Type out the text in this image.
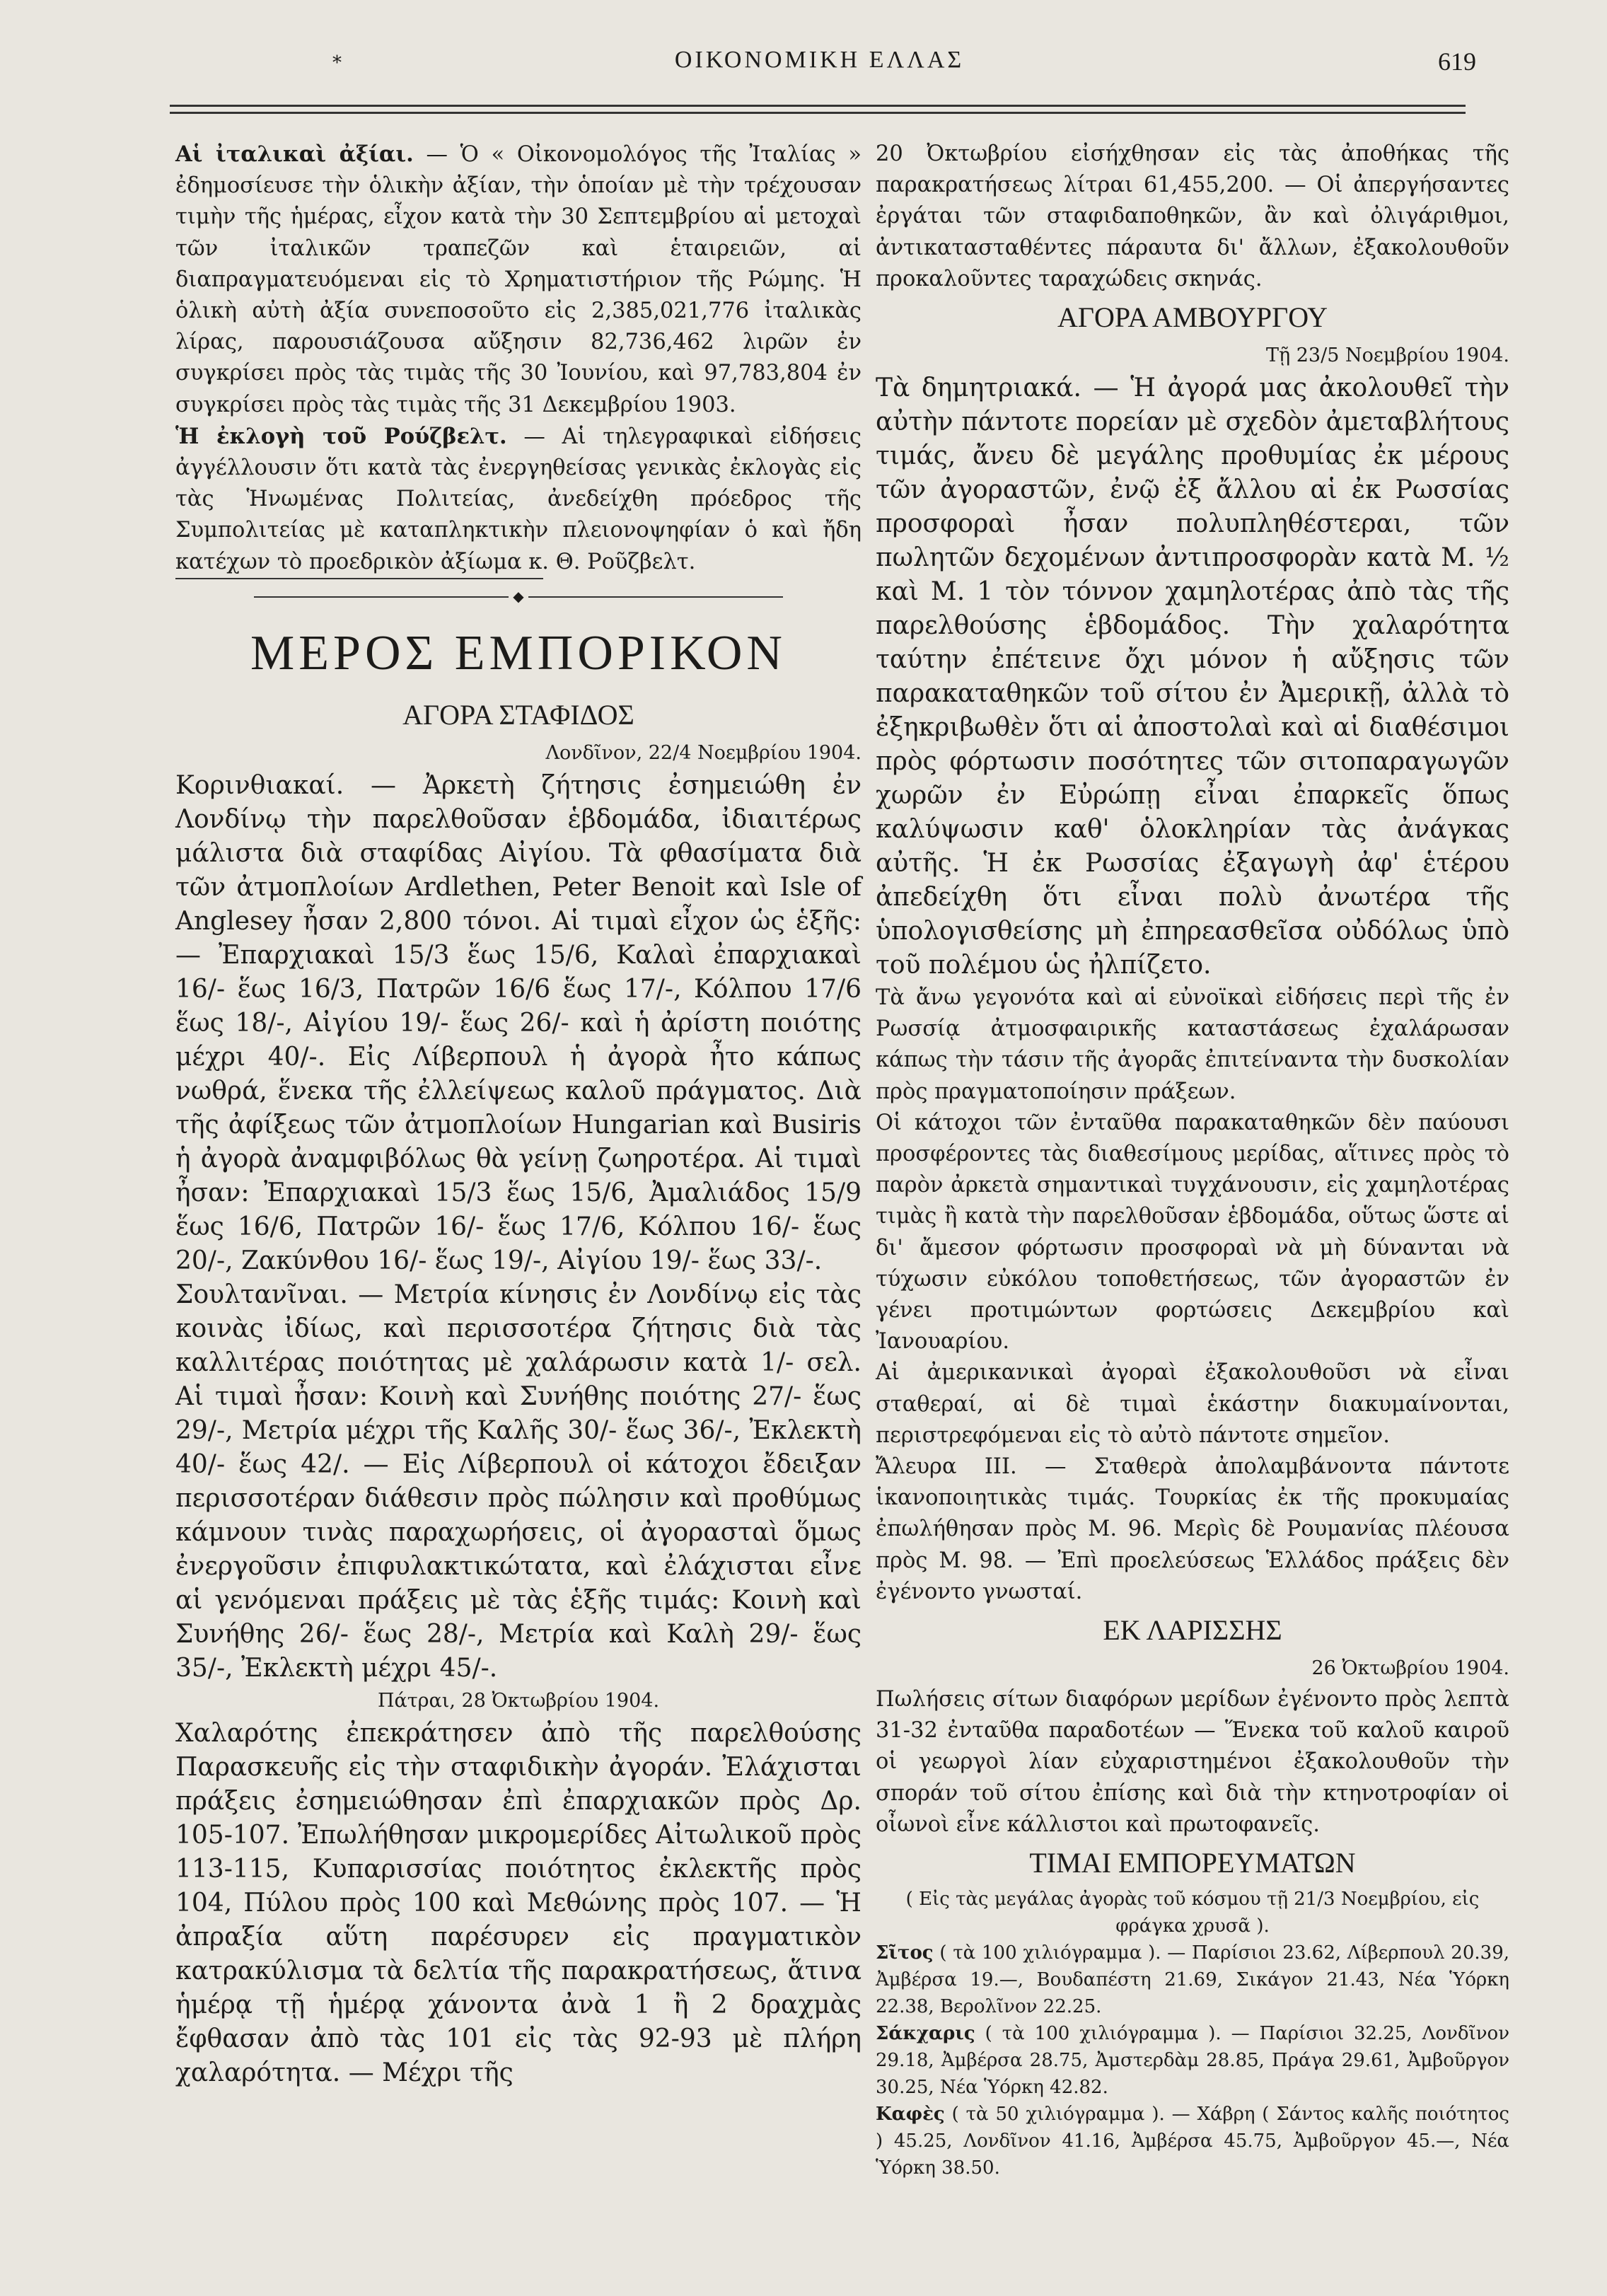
*	ΟΙΚΟΝΟΜΙΚΗ ΕΛΛΑΣ	619

Αἱ ἰταλικαὶ ἀξίαι. — Ὁ « Οἰκονομολόγος τῆς Ἰταλίας » ἐδημοσίευσε τὴν ὁλικὴν ἀξίαν, τὴν ὁποίαν μὲ τὴν τρέχουσαν τιμὴν τῆς ἡμέρας, εἶχον κατὰ τὴν 30 Σεπτεμβρίου αἱ μετοχαὶ τῶν ἰταλικῶν τραπεζῶν καὶ ἑταιρειῶν, αἱ διαπραγματευόμεναι εἰς τὸ Χρηματιστήριον τῆς Ρώμης. Ἡ ὁλικὴ αὐτὴ ἀξία συνεποσοῦτο εἰς 2,385,021,776 ἰταλικὰς λίρας, παρουσιάζουσα αὔξησιν 82,736,462 λιρῶν ἐν συγκρίσει πρὸς τὰς τιμὰς τῆς 30 Ἰουνίου, καὶ 97,783,804 ἐν συγκρίσει πρὸς τὰς τιμὰς τῆς 31 Δεκεμβρίου 1903.

Ἡ ἐκλογὴ τοῦ Ρούζβελτ. — Αἱ τηλεγραφικαὶ εἰδήσεις ἀγγέλλουσιν ὅτι κατὰ τὰς ἐνεργηθείσας γενικὰς ἐκλογὰς εἰς τὰς Ἡνωμένας Πολιτείας, ἀνεδείχθη πρόεδρος τῆς Συμπολιτείας μὲ καταπληκτικὴν πλειονοψηφίαν ὁ καὶ ἤδη κατέχων τὸ προεδρικὸν ἀξίωμα κ. Θ. Ροῦζβελτ.

◆
ΜΕΡΟΣ ΕΜΠΟΡΙΚΟΝ
ΑΓΟΡΑ ΣΤΑΦΙΔΟΣ
Λονδῖνον, 22/4 Νοεμβρίου 1904.

Κορινθιακαί. — Ἀρκετὴ ζήτησις ἐσημειώθη ἐν Λονδίνῳ τὴν παρελθοῦσαν ἑβδομάδα, ἰδιαιτέρως μάλιστα διὰ σταφίδας Αἰγίου. Τὰ φθασίματα διὰ τῶν ἀτμοπλοίων Ardlethen, Peter Benoit καὶ Isle of Anglesey ἦσαν 2,800 τόνοι. Αἱ τιμαὶ εἶχον ὡς ἑξῆς: — Ἐπαρχιακαὶ 15/3 ἕως 15/6, Καλαὶ ἐπαρχιακαὶ 16/- ἕως 16/3, Πατρῶν 16/6 ἕως 17/-, Κόλπου 17/6 ἕως 18/-, Αἰγίου 19/- ἕως 26/- καὶ ἡ ἀρίστη ποιότης μέχρι 40/-. Εἰς Λίβερπουλ ἡ ἀγορὰ ἦτο κάπως νωθρά, ἕνεκα τῆς ἐλλείψεως καλοῦ πράγματος. Διὰ τῆς ἀφίξεως τῶν ἀτμοπλοίων Hungarian καὶ Busiris ἡ ἀγορὰ ἀναμφιβόλως θὰ γείνῃ ζωηροτέρα. Αἱ τιμαὶ ἦσαν: Ἐπαρχιακαὶ 15/3 ἕως 15/6, Ἀμαλιάδος 15/9 ἕως 16/6, Πατρῶν 16/- ἕως 17/6, Κόλπου 16/- ἕως 20/-, Ζακύνθου 16/- ἕως 19/-, Αἰγίου 19/- ἕως 33/-.

Σουλτανῖναι. — Μετρία κίνησις ἐν Λονδίνῳ εἰς τὰς κοινὰς ἰδίως, καὶ περισσοτέρα ζήτησις διὰ τὰς καλλιτέρας ποιότητας μὲ χαλάρωσιν κατὰ 1/- σελ. Αἱ τιμαὶ ἦσαν: Κοινὴ καὶ Συνήθης ποιότης 27/- ἕως 29/-, Μετρία μέχρι τῆς Καλῆς 30/- ἕως 36/-, Ἐκλεκτὴ 40/- ἕως 42/. — Εἰς Λίβερπουλ οἱ κάτοχοι ἔδειξαν περισσοτέραν διάθεσιν πρὸς πώλησιν καὶ προθύμως κάμνουν τινὰς παραχωρήσεις, οἱ ἀγορασταὶ ὅμως ἐνεργοῦσιν ἐπιφυλακτικώτατα, καὶ ἐλάχισται εἶνε αἱ γενόμεναι πράξεις μὲ τὰς ἑξῆς τιμάς: Κοινὴ καὶ Συνήθης 26/- ἕως 28/-, Μετρία καὶ Καλὴ 29/- ἕως 35/-, Ἐκλεκτὴ μέχρι 45/-.

Πάτραι, 28 Ὀκτωβρίου 1904.

Χαλαρότης ἐπεκράτησεν ἀπὸ τῆς παρελθούσης Παρασκευῆς εἰς τὴν σταφιδικὴν ἀγοράν. Ἐλάχισται πράξεις ἐσημειώθησαν ἐπὶ ἐπαρχιακῶν πρὸς Δρ. 105-107. Ἐπωλήθησαν μικρομερίδες Αἰτωλικοῦ πρὸς 113-115, Κυπαρισσίας ποιότητος ἐκλεκτῆς πρὸς 104, Πύλου πρὸς 100 καὶ Μεθώνης πρὸς 107. — Ἡ ἀπραξία αὕτη παρέσυρεν εἰς πραγματικὸν κατρακύλισμα τὰ δελτία τῆς παρακρατήσεως, ἅτινα ἡμέρᾳ τῇ ἡμέρᾳ χάνοντα ἀνὰ 1 ἢ 2 δραχμὰς ἔφθασαν ἀπὸ τὰς 101 εἰς τὰς 92-93 μὲ πλήρη χαλαρότητα. — Μέχρι τῆς

20 Ὀκτωβρίου εἰσήχθησαν εἰς τὰς ἀποθήκας τῆς παρακρατήσεως λίτραι 61,455,200. — Οἱ ἀπεργήσαντες ἐργάται τῶν σταφιδαποθηκῶν, ἂν καὶ ὀλιγάριθμοι, ἀντικατασταθέντες πάραυτα δι' ἄλλων, ἐξακολουθοῦν προκαλοῦντες ταραχώδεις σκηνάς.

ΑΓΟΡΑ ΑΜΒΟΥΡΓΟΥ
Τῇ 23/5 Νοεμβρίου 1904.

Τὰ δημητριακά. — Ἡ ἀγορά μας ἀκολουθεῖ τὴν αὐτὴν πάντοτε πορείαν μὲ σχεδὸν ἀμεταβλήτους τιμάς, ἄνευ δὲ μεγάλης προθυμίας ἐκ μέρους τῶν ἀγοραστῶν, ἐνῷ ἐξ ἄλλου αἱ ἐκ Ρωσσίας προσφοραὶ ἦσαν πολυπληθέστεραι, τῶν πωλητῶν δεχομένων ἀντιπροσφορὰν κατὰ Μ. ½ καὶ Μ. 1 τὸν τόννον χαμηλοτέρας ἀπὸ τὰς τῆς παρελθούσης ἑβδομάδος. Τὴν χαλαρότητα ταύτην ἐπέτεινε ὄχι μόνον ἡ αὔξησις τῶν παρακαταθηκῶν τοῦ σίτου ἐν Ἀμερικῇ, ἀλλὰ τὸ ἐξηκριβωθὲν ὅτι αἱ ἀποστολαὶ καὶ αἱ διαθέσιμοι πρὸς φόρτωσιν ποσότητες τῶν σιτοπαραγωγῶν χωρῶν ἐν Εὐρώπῃ εἶναι ἐπαρκεῖς ὅπως καλύψωσιν καθ' ὁλοκληρίαν τὰς ἀνάγκας αὐτῆς. Ἡ ἐκ Ρωσσίας ἐξαγωγὴ ἀφ' ἑτέρου ἀπεδείχθη ὅτι εἶναι πολὺ ἀνωτέρα τῆς ὑπολογισθείσης μὴ ἐπηρεασθεῖσα οὐδόλως ὑπὸ τοῦ πολέμου ὡς ἠλπίζετο.

Τὰ ἄνω γεγονότα καὶ αἱ εὐνοϊκαὶ εἰδήσεις περὶ τῆς ἐν Ρωσσίᾳ ἀτμοσφαιρικῆς καταστάσεως ἐχαλάρωσαν κάπως τὴν τάσιν τῆς ἀγορᾶς ἐπιτείναντα τὴν δυσκολίαν πρὸς πραγματοποίησιν πράξεων.

Οἱ κάτοχοι τῶν ἐνταῦθα παρακαταθηκῶν δὲν παύουσι προσφέροντες τὰς διαθεσίμους μερίδας, αἵτινες πρὸς τὸ παρὸν ἀρκετὰ σημαντικαὶ τυγχάνουσιν, εἰς χαμηλοτέρας τιμὰς ἢ κατὰ τὴν παρελθοῦσαν ἑβδομάδα, οὕτως ὥστε αἱ δι' ἄμεσον φόρτωσιν προσφοραὶ νὰ μὴ δύνανται νὰ τύχωσιν εὐκόλου τοποθετήσεως, τῶν ἀγοραστῶν ἐν γένει προτιμώντων φορτώσεις Δεκεμβρίου καὶ Ἰανουαρίου.

Αἱ ἀμερικανικαὶ ἀγοραὶ ἐξακολουθοῦσι νὰ εἶναι σταθεραί, αἱ δὲ τιμαὶ ἑκάστην διακυμαίνονται, περιστρεφόμεναι εἰς τὸ αὐτὸ πάντοτε σημεῖον.

Ἄλευρα ΙΙΙ. — Σταθερὰ ἀπολαμβάνοντα πάντοτε ἱκανοποιητικὰς τιμάς. Τουρκίας ἐκ τῆς προκυμαίας ἐπωλήθησαν πρὸς Μ. 96. Μερὶς δὲ Ρουμανίας πλέουσα πρὸς Μ. 98. — Ἐπὶ προελεύσεως Ἑλλάδος πράξεις δὲν ἐγένοντο γνωσταί.

ΕΚ ΛΑΡΙΣΣΗΣ
26 Ὀκτωβρίου 1904.

Πωλήσεις σίτων διαφόρων μερίδων ἐγένοντο πρὸς λεπτὰ 31-32 ἐνταῦθα παραδοτέων — Ἕνεκα τοῦ καλοῦ καιροῦ οἱ γεωργοὶ λίαν εὐχαριστημένοι ἐξακολουθοῦν τὴν σποράν τοῦ σίτου ἐπίσης καὶ διὰ τὴν κτηνοτροφίαν οἱ οἶωνοὶ εἶνε κάλλιστοι καὶ πρωτοφανεῖς.

ΤΙΜΑΙ ΕΜΠΟΡΕΥΜΑΤΩΝ

( Εἰς τὰς μεγάλας ἀγορὰς τοῦ κόσμου τῇ 21/3 Νοεμβρίου, εἰς φράγκα χρυσᾶ ).

Σῖτος ( τὰ 100 χιλιόγραμμα ). — Παρίσιοι 23.62, Λίβερπουλ 20.39, Ἀμβέρσα 19.—, Βουδαπέστη 21.69, Σικάγον 21.43, Νέα Ὑόρκη 22.38, Βερολῖνον 22.25.

Σάκχαρις ( τὰ 100 χιλιόγραμμα ). — Παρίσιοι 32.25, Λονδῖνον 29.18, Ἀμβέρσα 28.75, Ἀμστερδὰμ 28.85, Πράγα 29.61, Ἀμβοῦργον 30.25, Νέα Ὑόρκη 42.82.

Καφὲς ( τὰ 50 χιλιόγραμμα ). — Χάβρη ( Σάντος καλῆς ποιότητος ) 45.25, Λονδῖνον 41.16, Ἀμβέρσα 45.75, Ἀμβοῦργον 45.—, Νέα Ὑόρκη 38.50.
